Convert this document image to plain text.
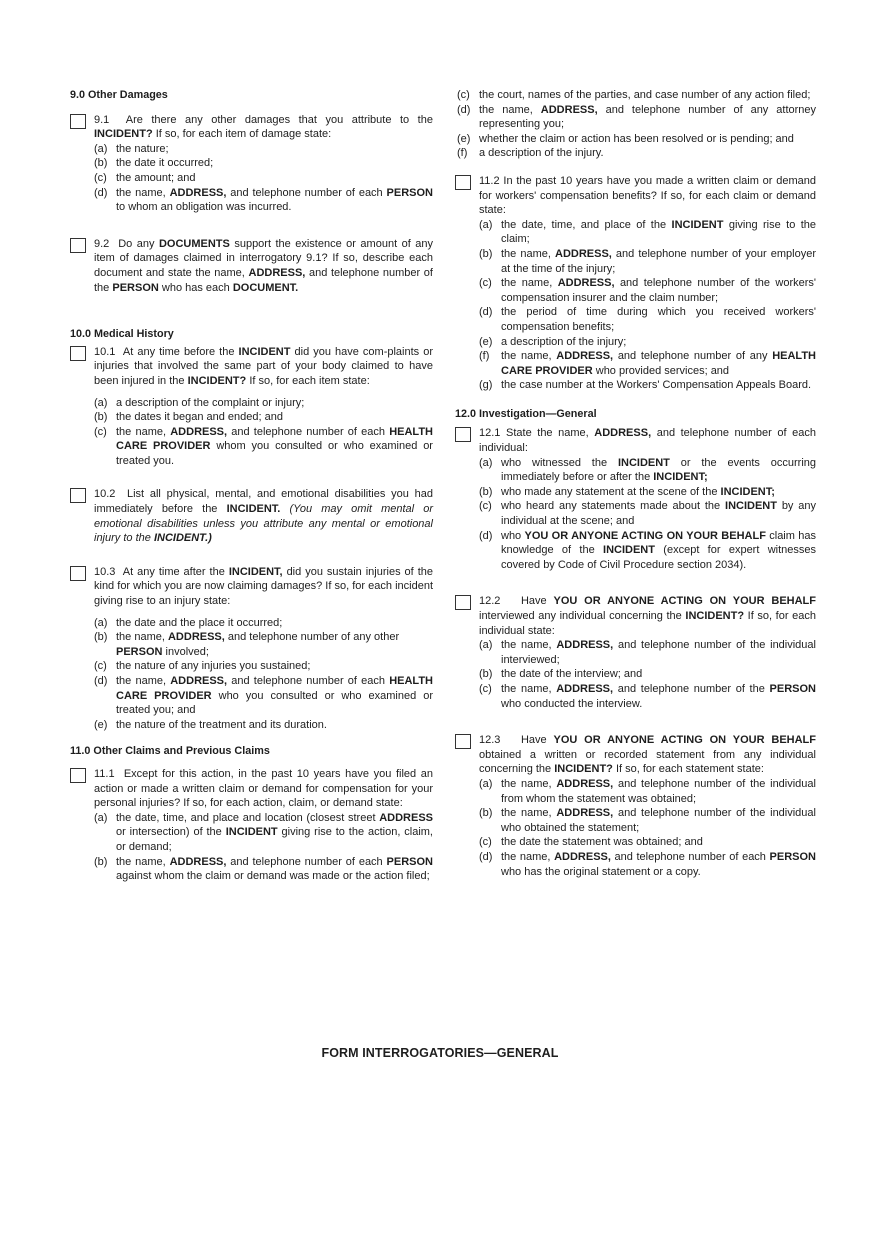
9.0 Other Damages

9.1 Are there any other damages that you attribute to the INCIDENT? If so, for each item of damage state:
(a) the nature;
(b) the date it occurred;
(c) the amount; and
(d) the name, ADDRESS, and telephone number of each PERSON to whom an obligation was incurred.
9.2 Do any DOCUMENTS support the existence or amount of any item of damages claimed in interrogatory 9.1? If so, describe each document and state the name, ADDRESS, and telephone number of the PERSON who has each DOCUMENT.

10.0 Medical History

10.1 At any time before the INCIDENT did you have com-plaints or injuries that involved the same part of your body claimed to have been injured in the INCIDENT? If so, for each item state:
(a) a description of the complaint or injury;
(b) the dates it began and ended; and
(c) the name, ADDRESS, and telephone number of each HEALTH CARE PROVIDER whom you consulted or who examined or treated you.
10.2 List all physical, mental, and emotional disabilities you had immediately before the INCIDENT. (You may omit mental or emotional disabilities unless you attribute any mental or emotional injury to the INCIDENT.)
10.3 At any time after the INCIDENT, did you sustain injuries of the kind for which you are now claiming damages? If so, for each incident giving rise to an injury state:
(a) the date and the place it occurred;
(b) the name, ADDRESS, and telephone number of any other PERSON involved;
(c) the nature of any injuries you sustained;
(d) the name, ADDRESS, and telephone number of each HEALTH CARE PROVIDER who you consulted or who examined or treated you; and
(e) the nature of the treatment and its duration.

11.0 Other Claims and Previous Claims

11.1 Except for this action, in the past 10 years have you filed an action or made a written claim or demand for compensation for your personal injuries? If so, for each action, claim, or demand state:
(a) the date, time, and place and location (closest street ADDRESS or intersection) of the INCIDENT giving rise to the action, claim, or demand;
(b) the name, ADDRESS, and telephone number of each PERSON against whom the claim or demand was made or the action filed;
(c) the court, names of the parties, and case number of any action filed;
(d) the name, ADDRESS, and telephone number of any attorney representing you;
(e) whether the claim or action has been resolved or is pending; and
(f) a description of the injury.
11.2 In the past 10 years have you made a written claim or demand for workers' compensation benefits? If so, for each claim or demand state:
(a) the date, time, and place of the INCIDENT giving rise to the claim;
(b) the name, ADDRESS, and telephone number of your employer at the time of the injury;
(c) the name, ADDRESS, and telephone number of the workers' compensation insurer and the claim number;
(d) the period of time during which you received workers' compensation benefits;
(e) a description of the injury;
(f) the name, ADDRESS, and telephone number of any HEALTH CARE PROVIDER who provided services; and
(g) the case number at the Workers' Compensation Appeals Board.

12.0 Investigation—General

12.1 State the name, ADDRESS, and telephone number of each individual:
(a) who witnessed the INCIDENT or the events occurring immediately before or after the INCIDENT;
(b) who made any statement at the scene of the INCIDENT;
(c) who heard any statements made about the INCIDENT by any individual at the scene; and
(d) who YOU OR ANYONE ACTING ON YOUR BEHALF claim has knowledge of the INCIDENT (except for expert witnesses covered by Code of Civil Procedure section 2034).
12.2 Have YOU OR ANYONE ACTING ON YOUR BEHALF interviewed any individual concerning the INCIDENT? If so, for each individual state:
(a) the name, ADDRESS, and telephone number of the individual interviewed;
(b) the date of the interview; and
(c) the name, ADDRESS, and telephone number of the PERSON who conducted the interview.
12.3 Have YOU OR ANYONE ACTING ON YOUR BEHALF obtained a written or recorded statement from any individual concerning the INCIDENT? If so, for each statement state:
(a) the name, ADDRESS, and telephone number of the individual from whom the statement was obtained;
(b) the name, ADDRESS, and telephone number of the individual who obtained the statement;
(c) the date the statement was obtained; and
(d) the name, ADDRESS, and telephone number of each PERSON who has the original statement or a copy.
FORM INTERROGATORIES—GENERAL
